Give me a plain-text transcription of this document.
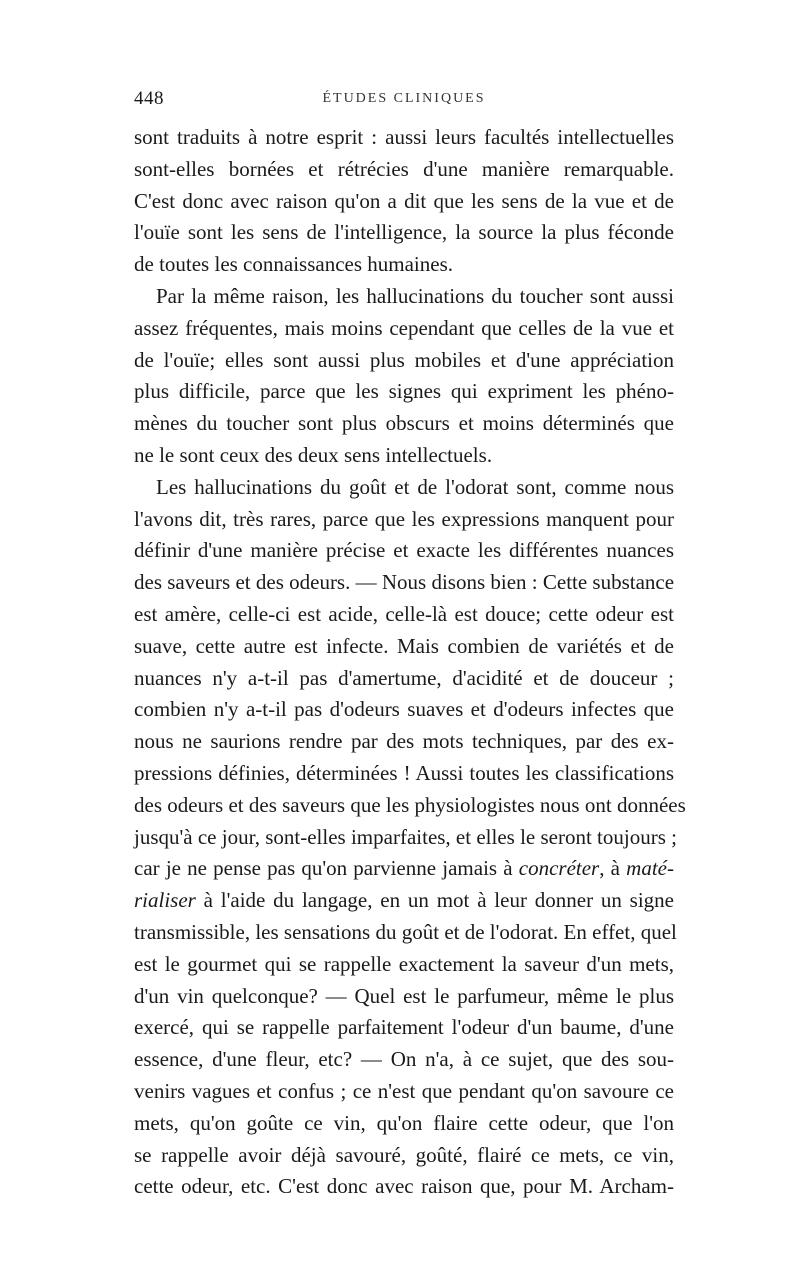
448	ÉTUDES CLINIQUES
sont traduits à notre esprit : aussi leurs facultés intellectuelles
sont-elles bornées et rétrécies d'une manière remarquable.
C'est donc avec raison qu'on a dit que les sens de la vue et de
l'ouïe sont les sens de l'intelligence, la source la plus féconde
de toutes les connaissances humaines.
Par la même raison, les hallucinations du toucher sont aussi
assez fréquentes, mais moins cependant que celles de la vue et
de l'ouïe; elles sont aussi plus mobiles et d'une appréciation
plus difficile, parce que les signes qui expriment les phéno-
mènes du toucher sont plus obscurs et moins déterminés que
ne le sont ceux des deux sens intellectuels.
Les hallucinations du goût et de l'odorat sont, comme nous
l'avons dit, très rares, parce que les expressions manquent pour
définir d'une manière précise et exacte les différentes nuances
des saveurs et des odeurs. — Nous disons bien : Cette substance
est amère, celle-ci est acide, celle-là est douce; cette odeur est
suave, cette autre est infecte. Mais combien de variétés et de
nuances n'y a-t-il pas d'amertume, d'acidité et de douceur ;
combien n'y a-t-il pas d'odeurs suaves et d'odeurs infectes que
nous ne saurions rendre par des mots techniques, par des ex-
pressions définies, déterminées ! Aussi toutes les classifications
des odeurs et des saveurs que les physiologistes nous ont données
jusqu'à ce jour, sont-elles imparfaites, et elles le seront toujours ;
car je ne pense pas qu'on parvienne jamais à concréter, à maté-
rialiser à l'aide du langage, en un mot à leur donner un signe
transmissible, les sensations du goût et de l'odorat. En effet, quel
est le gourmet qui se rappelle exactement la saveur d'un mets,
d'un vin quelconque? — Quel est le parfumeur, même le plus
exercé, qui se rappelle parfaitement l'odeur d'un baume, d'une
essence, d'une fleur, etc? — On n'a, à ce sujet, que des sou-
venirs vagues et confus ; ce n'est que pendant qu'on savoure ce
mets, qu'on goûte ce vin, qu'on flaire cette odeur, que l'on
se rappelle avoir déjà savouré, goûté, flairé ce mets, ce vin,
cette odeur, etc. C'est donc avec raison que, pour M. Archam-
